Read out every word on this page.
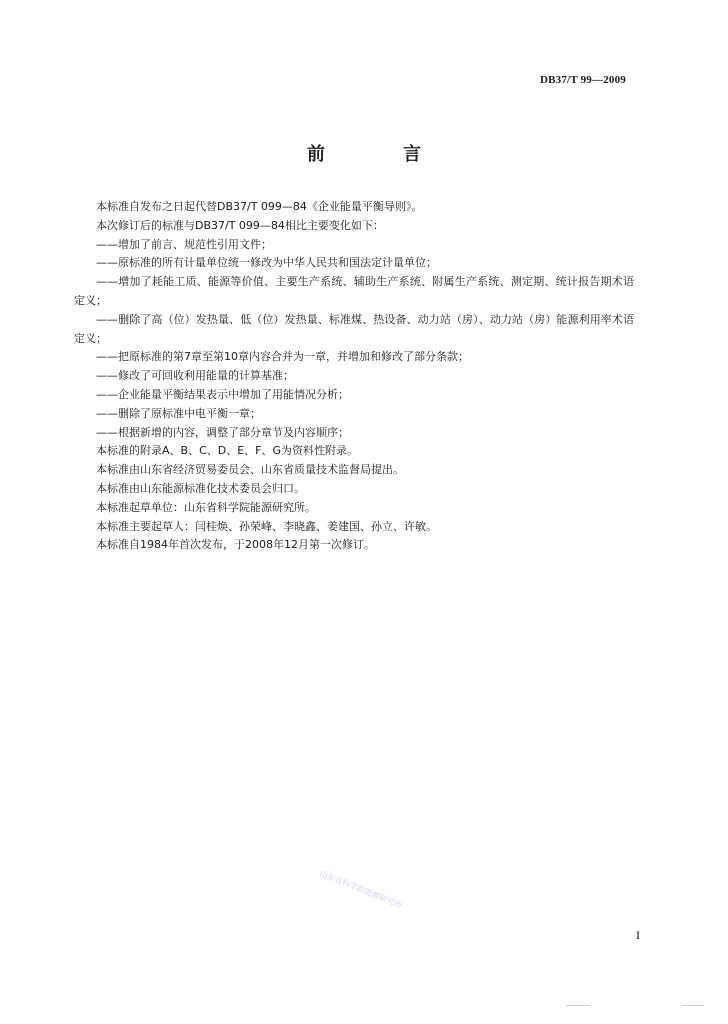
DB37/T 99—2009
前　言

本标准自发布之日起代替DB37/T 099—84《企业能量平衡导则》。

本次修订后的标准与DB37/T 099—84相比主要变化如下：

——增加了前言、规范性引用文件；

——原标准的所有计量单位统一修改为中华人民共和国法定计量单位；

——增加了耗能工质、能源等价值、主要生产系统、辅助生产系统、附属生产系统、测定期、统计报告期术语定义；

——删除了高（位）发热量、低（位）发热量、标准煤、热设备、动力站（房）、动力站（房）能源利用率术语定义；

——把原标准的第7章至第10章内容合并为一章，并增加和修改了部分条款；

——修改了可回收利用能量的计算基准；

——企业能量平衡结果表示中增加了用能情况分析；

——删除了原标准中电平衡一章；

——根据新增的内容，调整了部分章节及内容顺序；

本标准的附录A、B、C、D、E、F、G为资料性附录。

本标准由山东省经济贸易委员会、山东省质量技术监督局提出。

本标准由山东能源标准化技术委员会归口。

本标准起草单位：山东省科学院能源研究所。

本标准主要起草人：闫桂焕、孙荣峰、李晓鑫、姜建国、孙立、许敏。

本标准自1984年首次发布，于2008年12月第一次修订。

山东省科学院能源研究所
I
